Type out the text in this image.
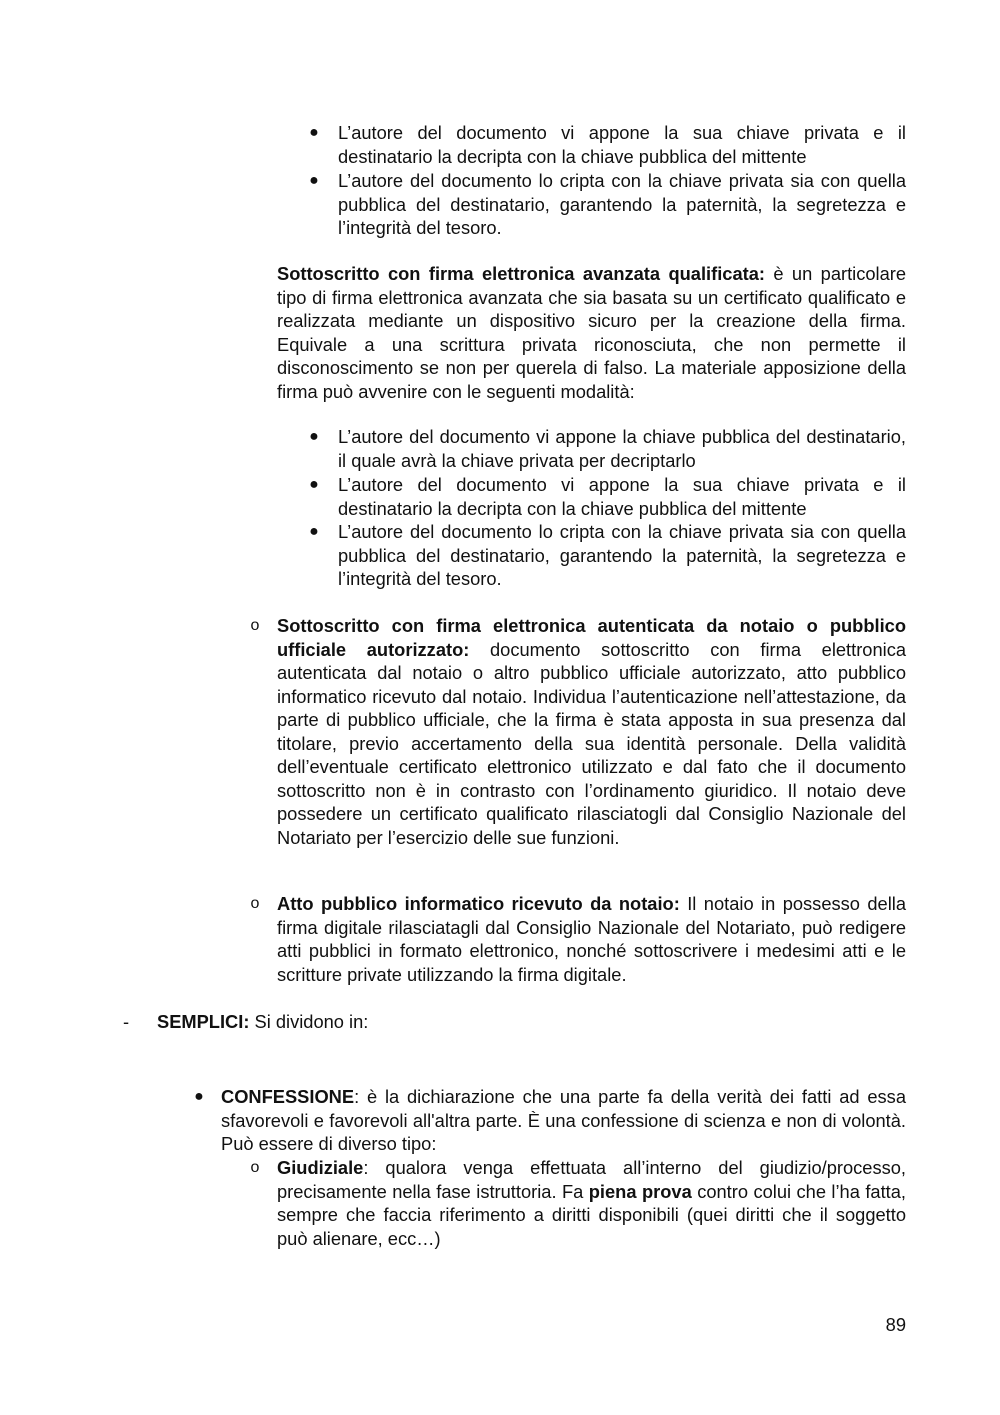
● L’autore del documento vi appone la sua chiave privata e il destinatario la decripta con la chiave pubblica del mittente
● L’autore del documento lo cripta con la chiave privata sia con quella pubblica del destinatario, garantendo la paternità, la segretezza e l’integrità del tesoro.
Sottoscritto con firma elettronica avanzata qualificata: è un particolare tipo di firma elettronica avanzata che sia basata su un certificato qualificato e realizzata mediante un dispositivo sicuro per la creazione della firma. Equivale a una scrittura privata riconosciuta, che non permette il disconoscimento se non per querela di falso. La materiale apposizione della firma può avvenire con le seguenti modalità:
● L’autore del documento vi appone la chiave pubblica del destinatario, il quale avrà la chiave privata per decriptarlo
● L’autore del documento vi appone la sua chiave privata e il destinatario la decripta con la chiave pubblica del mittente
● L’autore del documento lo cripta con la chiave privata sia con quella pubblica del destinatario, garantendo la paternità, la segretezza e l’integrità del tesoro.
o Sottoscritto con firma elettronica autenticata da notaio o pubblico ufficiale autorizzato: documento sottoscritto con firma elettronica autenticata dal notaio o altro pubblico ufficiale autorizzato, atto pubblico informatico ricevuto dal notaio. Individua l’autenticazione nell’attestazione, da parte di pubblico ufficiale, che la firma è stata apposta in sua presenza dal titolare, previo accertamento della sua identità personale. Della validità dell’eventuale certificato elettronico utilizzato e dal fato che il documento sottoscritto non è in contrasto con l’ordinamento giuridico. Il notaio deve possedere un certificato qualificato rilasciatogli dal Consiglio Nazionale del Notariato per l’esercizio delle sue funzioni.
o Atto pubblico informatico ricevuto da notaio: Il notaio in possesso della firma digitale rilasciatagli dal Consiglio Nazionale del Notariato, può redigere atti pubblici in formato elettronico, nonché sottoscrivere i medesimi atti e le scritture private utilizzando la firma digitale.
- SEMPLICI: Si dividono in:
● CONFESSIONE: è la dichiarazione che una parte fa della verità dei fatti ad essa sfavorevoli e favorevoli all'altra parte. È una confessione di scienza e non di volontà. Può essere di diverso tipo:
o Giudiziale: qualora venga effettuata all’interno del giudizio/processo, precisamente nella fase istruttoria. Fa piena prova contro colui che l’ha fatta, sempre che faccia riferimento a diritti disponibili (quei diritti che il soggetto può alienare, ecc…)
89
